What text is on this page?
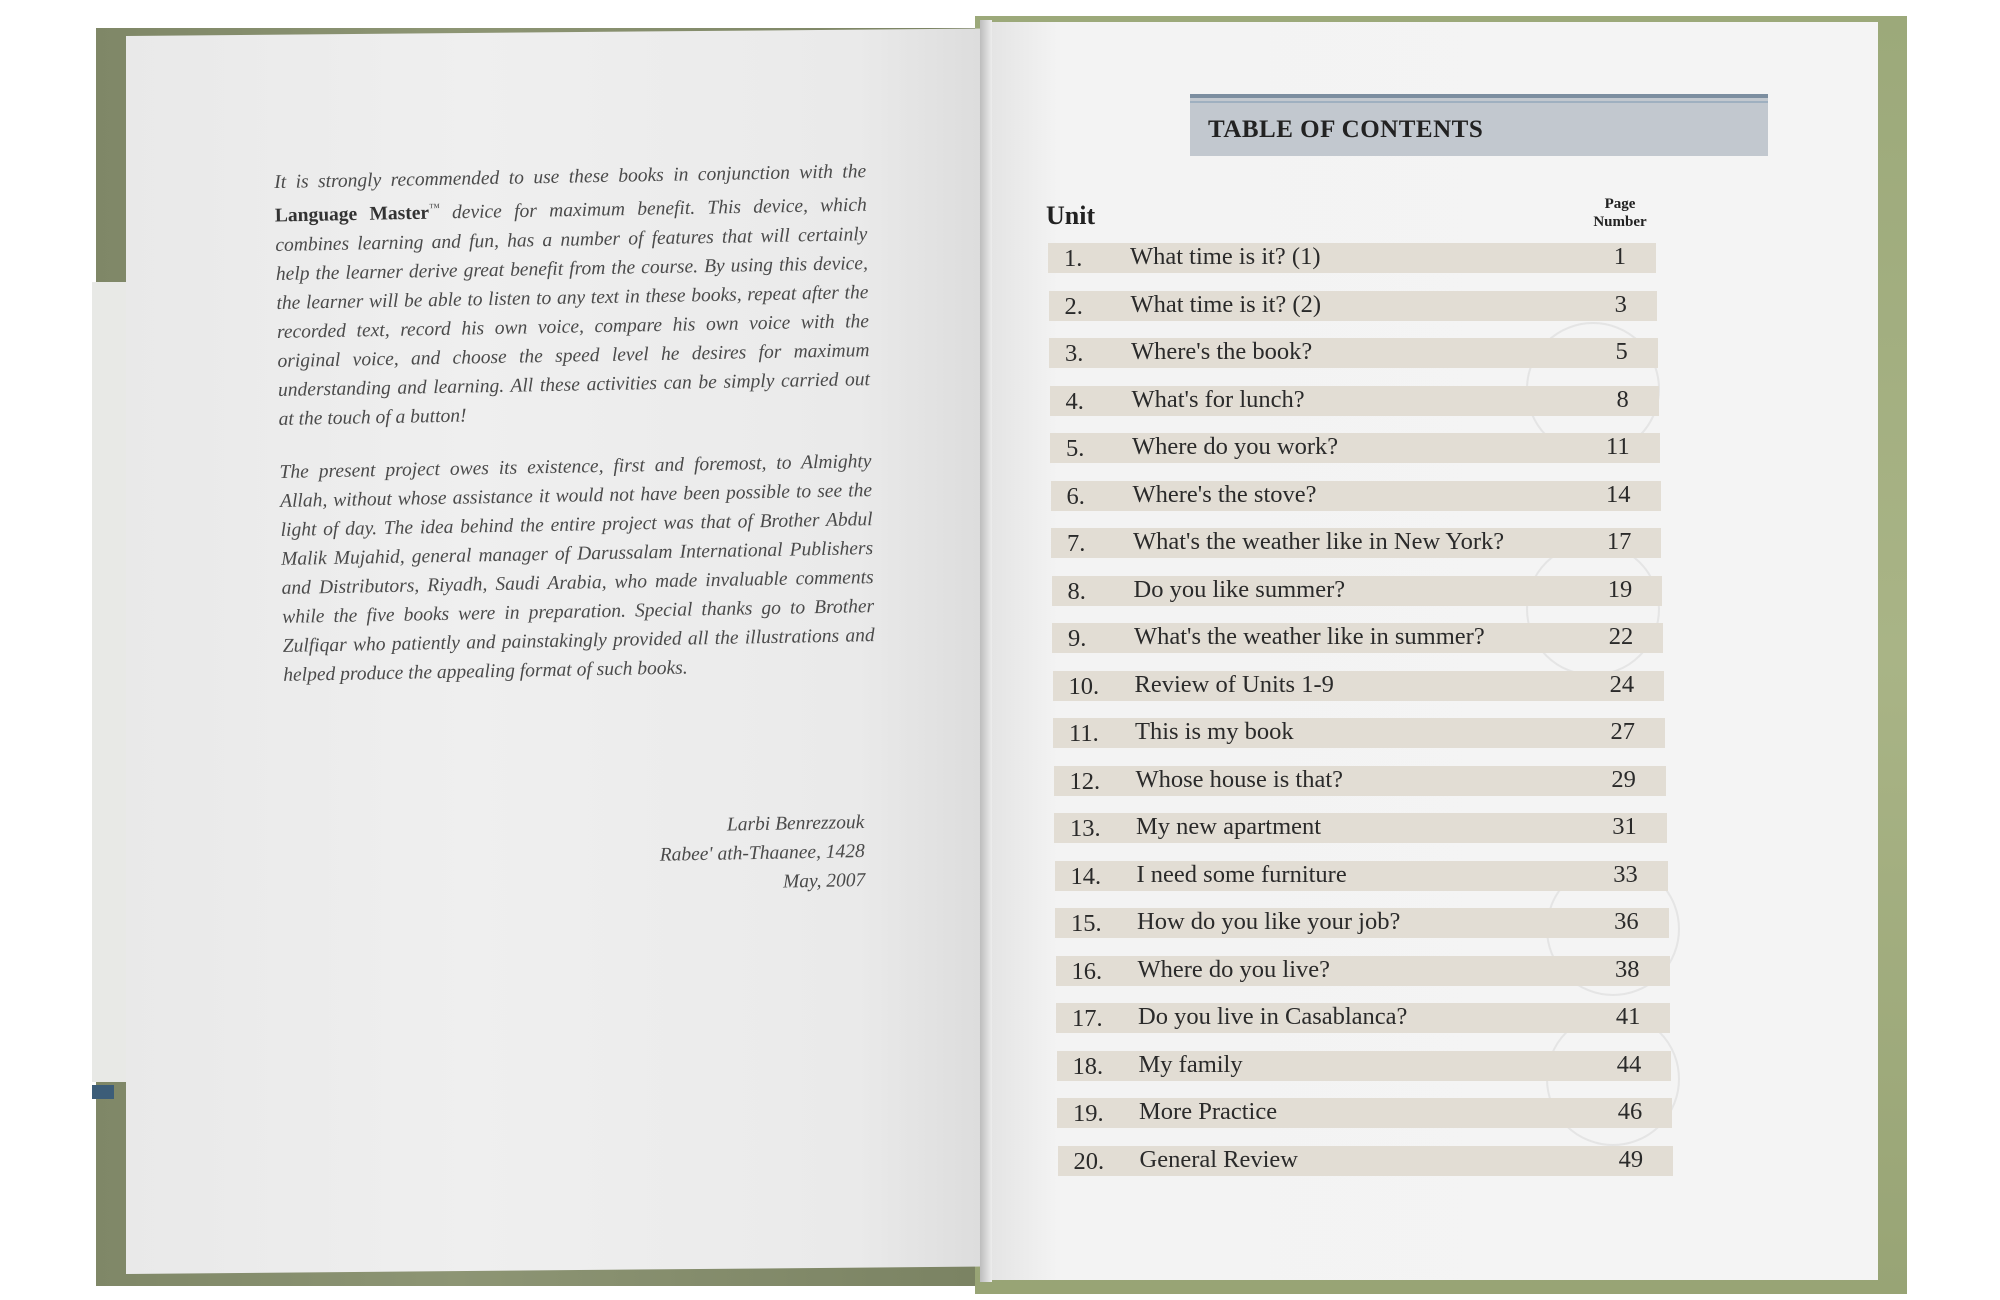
It is strongly recommended to use these books in conjunction with the Language Master™ device for maximum benefit. This device, which combines learning and fun, has a number of features that will certainly help the learner derive great benefit from the course. By using this device, the learner will be able to listen to any text in these books, repeat after the recorded text, record his own voice, compare his own voice with the original voice, and choose the speed level he desires for maximum understanding and learning. All these activities can be simply carried out at the touch of a button!

The present project owes its existence, first and foremost, to Almighty Allah, without whose assistance it would not have been possible to see the light of day. The idea behind the entire project was that of Brother Abdul Malik Mujahid, general manager of Darussalam International Publishers and Distributors, Riyadh, Saudi Arabia, who made invaluable comments while the five books were in preparation. Special thanks go to Brother Zulfiqar who patiently and painstakingly provided all the illustrations and helped produce the appealing format of such books.

Larbi Benrezzouk
Rabee' ath-Thaanee, 1428
May, 2007
TABLE OF CONTENTS
Unit	Page
Number
1. What time is it? (1)	1
2. What time is it? (2)	3
3. Where's the book?	5
4. What's for lunch?	8
5. Where do you work?	11
6. Where's the stove?	14
7. What's the weather like in New York?	17
8. Do you like summer?	19
9. What's the weather like in summer?	22
10. Review of Units 1-9	24
11. This is my book	27
12. Whose house is that?	29
13. My new apartment	31
14. I need some furniture	33
15. How do you like your job?	36
16. Where do you live?	38
17. Do you live in Casablanca?	41
18. My family	44
19. More Practice	46
20. General Review	49
